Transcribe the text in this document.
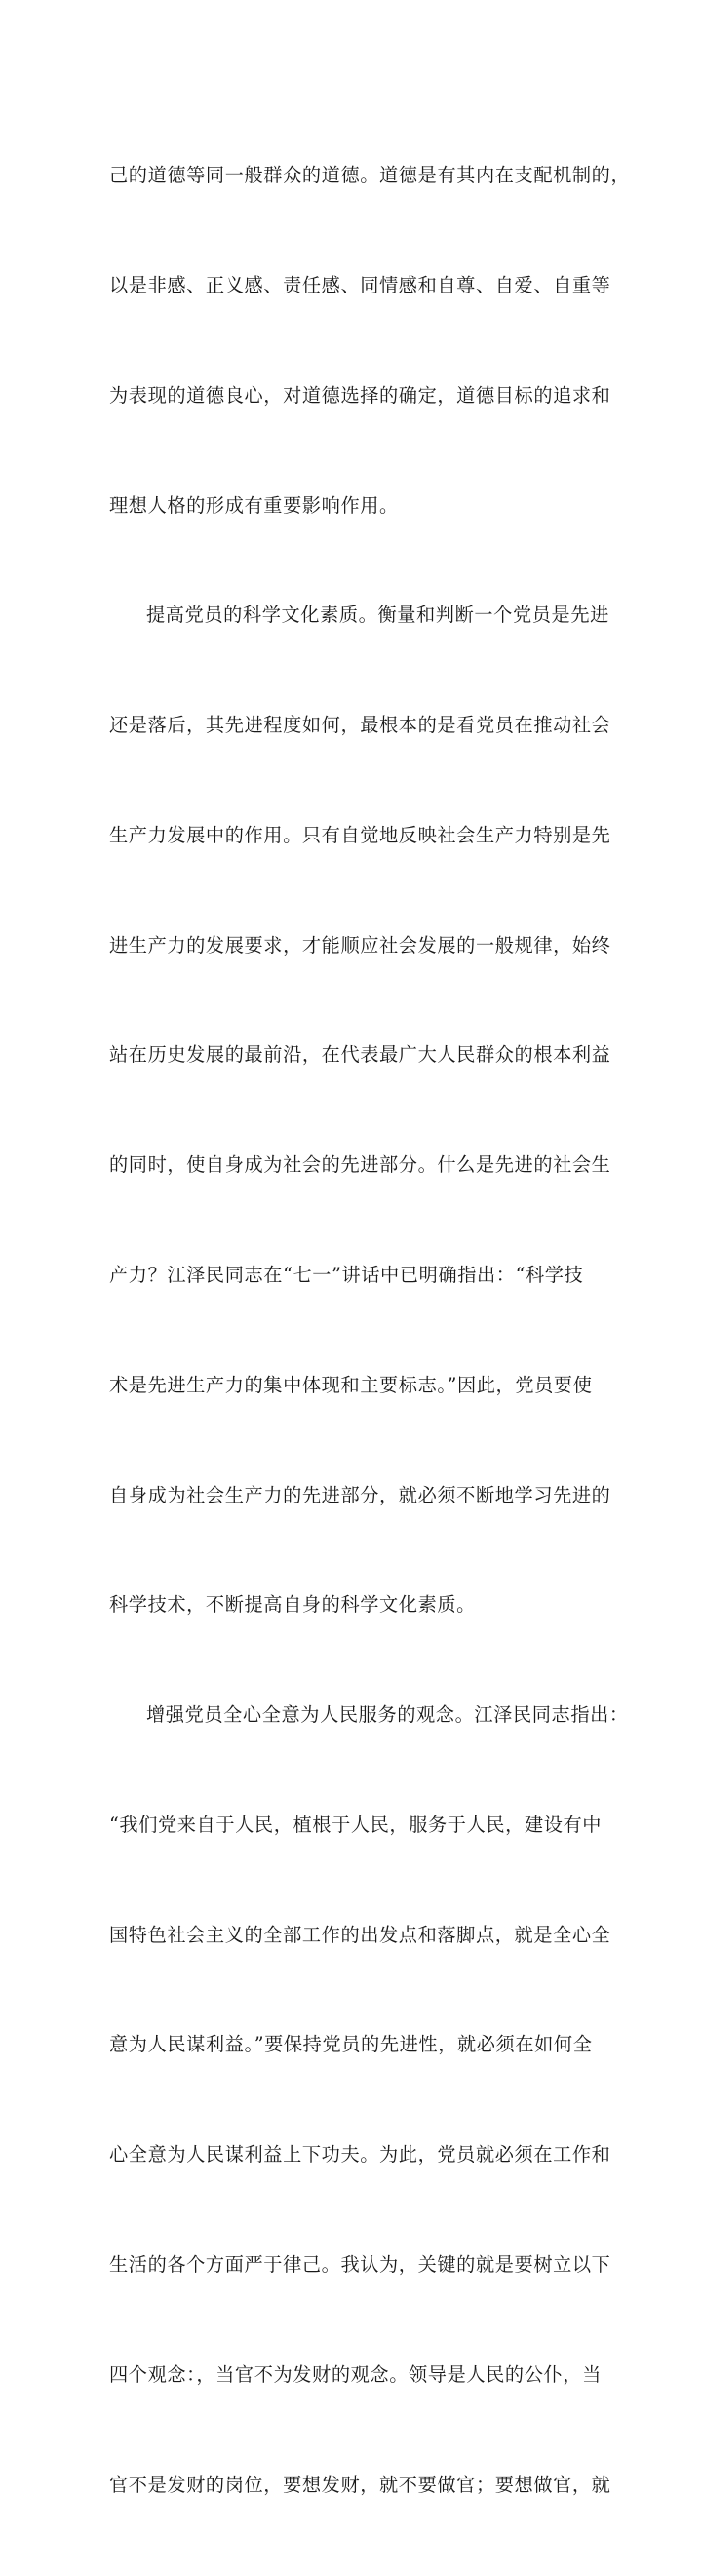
己的道德等同一般群众的道德。道德是有其内在支配机制的，

以是非感、正义感、责任感、同情感和自尊、自爱、自重等

为表现的道德良心，对道德选择的确定，道德目标的追求和

理想人格的形成有重要影响作用。

提高党员的科学文化素质。衡量和判断一个党员是先进

还是落后，其先进程度如何，最根本的是看党员在推动社会

生产力发展中的作用。只有自觉地反映社会生产力特别是先

进生产力的发展要求，才能顺应社会发展的一般规律，始终

站在历史发展的最前沿，在代表最广大人民群众的根本利益

的同时，使自身成为社会的先进部分。什么是先进的社会生

产力？江泽民同志在“七一”讲话中已明确指出：“科学技

术是先进生产力的集中体现和主要标志。”因此，党员要使

自身成为社会生产力的先进部分，就必须不断地学习先进的

科学技术，不断提高自身的科学文化素质。

增强党员全心全意为人民服务的观念。江泽民同志指出：

“我们党来自于人民，植根于人民，服务于人民，建设有中

国特色社会主义的全部工作的出发点和落脚点，就是全心全

意为人民谋利益。”要保持党员的先进性，就必须在如何全

心全意为人民谋利益上下功夫。为此，党员就必须在工作和

生活的各个方面严于律己。我认为，关键的就是要树立以下

四个观念：，当官不为发财的观念。领导是人民的公仆，当

官不是发财的岗位，要想发财，就不要做官；要想做官，就
